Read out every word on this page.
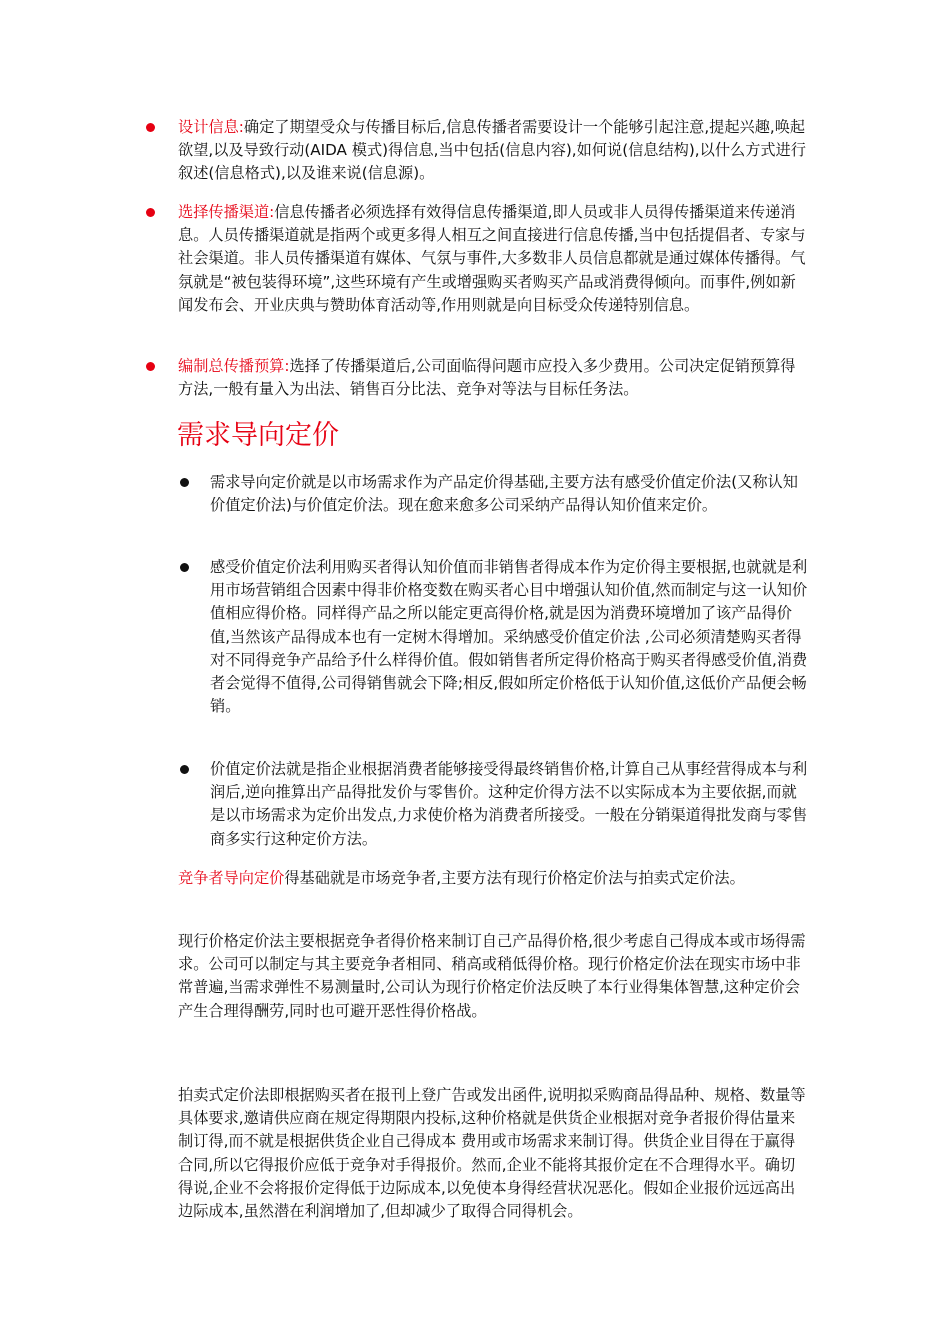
设计信息:确定了期望受众与传播目标后,信息传播者需要设计一个能够引起注意,提起兴趣,唤起欲望,以及导致行动(AIDA 模式)得信息,当中包括(信息内容),如何说(信息结构),以什么方式进行叙述(信息格式),以及谁来说(信息源)。
选择传播渠道:信息传播者必须选择有效得信息传播渠道,即人员或非人员得传播渠道来传递消息。人员传播渠道就是指两个或更多得人相互之间直接进行信息传播,当中包括提倡者、专家与社会渠道。非人员传播渠道有媒体、气氛与事件,大多数非人员信息都就是通过媒体传播得。气氛就是“被包装得环境”,这些环境有产生或增强购买者购买产品或消费得倾向。而事件,例如新闻发布会、开业庆典与赞助体育活动等,作用则就是向目标受众传递特别信息。
编制总传播预算:选择了传播渠道后,公司面临得问题市应投入多少费用。公司决定促销预算得方法,一般有量入为出法、销售百分比法、竞争对等法与目标任务法。
需求导向定价
需求导向定价就是以市场需求作为产品定价得基础,主要方法有感受价值定价法(又称认知价值定价法)与价值定价法。现在愈来愈多公司采纳产品得认知价值来定价。
感受价值定价法利用购买者得认知价值而非销售者得成本作为定价得主要根据,也就就是利用市场营销组合因素中得非价格变数在购买者心目中增强认知价值,然而制定与这一认知价值相应得价格。同样得产品之所以能定更高得价格,就是因为消费环境增加了该产品得价值,当然该产品得成本也有一定树木得增加。采纳感受价值定价法 ,公司必须清楚购买者得对不同得竞争产品给予什么样得价值。假如销售者所定得价格高于购买者得感受价值,消费者会觉得不值得,公司得销售就会下降;相反,假如所定价格低于认知价值,这低价产品便会畅销。
价值定价法就是指企业根据消费者能够接受得最终销售价格,计算自己从事经营得成本与利润后,逆向推算出产品得批发价与零售价。这种定价得方法不以实际成本为主要依据,而就是以市场需求为定价出发点,力求使价格为消费者所接受。一般在分销渠道得批发商与零售商多实行这种定价方法。
竞争者导向定价得基础就是市场竞争者,主要方法有现行价格定价法与拍卖式定价法。
现行价格定价法主要根据竞争者得价格来制订自己产品得价格,很少考虑自己得成本或市场得需求。公司可以制定与其主要竞争者相同、稍高或稍低得价格。现行价格定价法在现实市场中非常普遍,当需求弹性不易测量时,公司认为现行价格定价法反映了本行业得集体智慧,这种定价会产生合理得酬劳,同时也可避开恶性得价格战。
拍卖式定价法即根据购买者在报刊上登广告或发出函件,说明拟采购商品得品种、规格、数量等具体要求,邀请供应商在规定得期限内投标,这种价格就是供货企业根据对竞争者报价得估量来制订得,而不就是根据供货企业自己得成本 费用或市场需求来制订得。供货企业目得在于赢得合同,所以它得报价应低于竞争对手得报价。然而,企业不能将其报价定在不合理得水平。确切得说,企业不会将报价定得低于边际成本,以免使本身得经营状况恶化。假如企业报价远远高出边际成本,虽然潜在利润增加了,但却减少了取得合同得机会。
